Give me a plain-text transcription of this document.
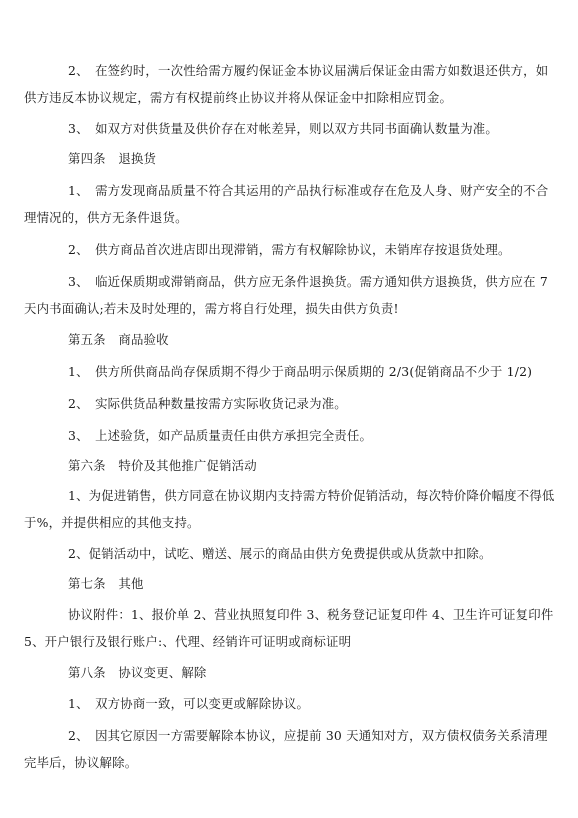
2、　在签约时，一次性给需方履约保证金本协议届满后保证金由需方如数退还供方，如供方违反本协议规定，需方有权提前终止协议并将从保证金中扣除相应罚金。

3、　如双方对供货量及供价存在对帐差异，则以双方共同书面确认数量为准。

第四条　退换货

1、　需方发现商品质量不符合其运用的产品执行标准或存在危及人身、财产安全的不合理情况的，供方无条件退货。

2、　供方商品首次进店即出现滞销，需方有权解除协议，未销库存按退货处理。

3、　临近保质期或滞销商品，供方应无条件退换货。需方通知供方退换货，供方应在 7 天内书面确认;若未及时处理的，需方将自行处理，损失由供方负责!

第五条　商品验收

1、　供方所供商品尚存保质期不得少于商品明示保质期的 2/3(促销商品不少于 1/2)

2、　实际供货品种数量按需方实际收货记录为准。

3、　上述验货，如产品质量责任由供方承担完全责任。

第六条　特价及其他推广促销活动

1、为促进销售，供方同意在协议期内支持需方特价促销活动，每次特价降价幅度不得低于%，并提供相应的其他支持。

2、促销活动中，试吃、赠送、展示的商品由供方免费提供或从货款中扣除。

第七条　其他

协议附件：1、报价单 2、营业执照复印件 3、税务登记证复印件 4、卫生许可证复印件 5、开户银行及银行账户:、代理、经销许可证明或商标证明

第八条　协议变更、解除

1、　双方协商一致，可以变更或解除协议。

2、　因其它原因一方需要解除本协议，应提前 30 天通知对方，双方债权债务关系清理完毕后，协议解除。
